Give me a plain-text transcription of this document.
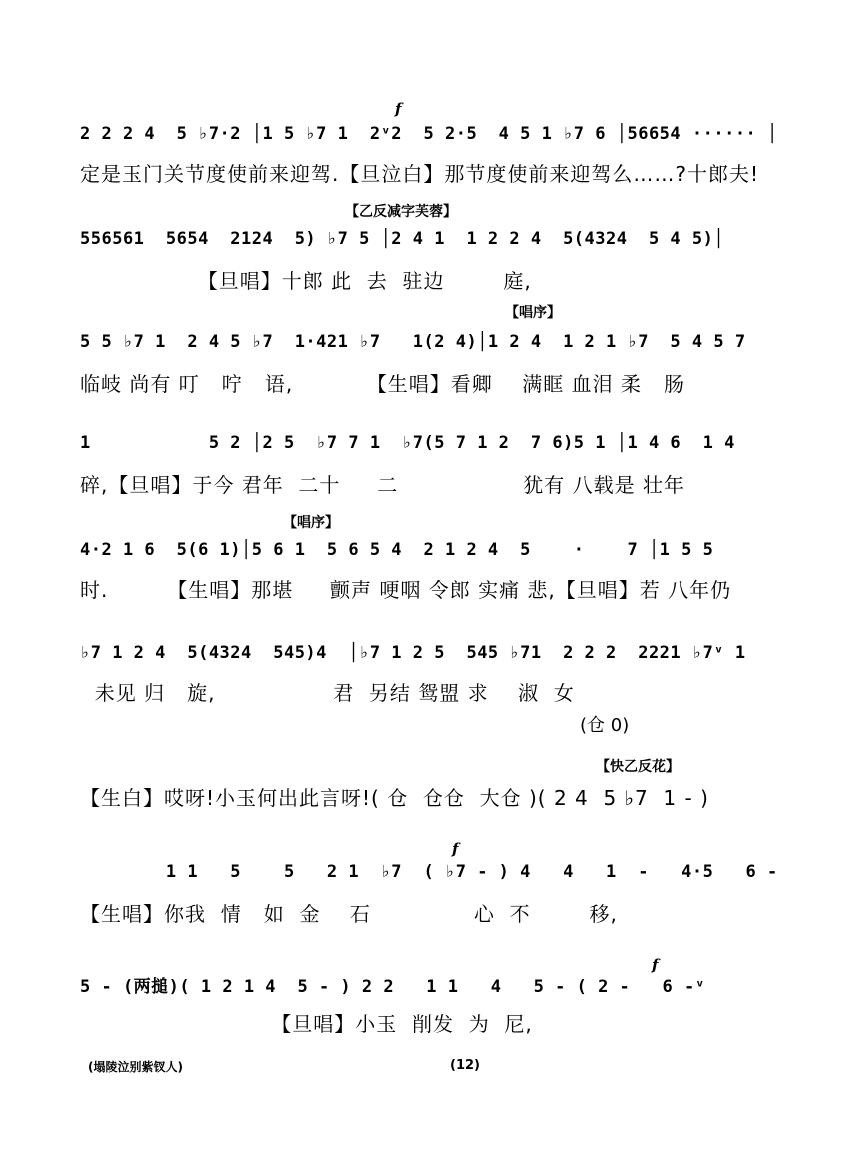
f
2 2 2 4  5 ♭7·2 │1 5 ♭7 1  2ᵛ2  5 2·5  4 5 1 ♭7 6 │56654 ······ │
定是玉门关节度使前来迎驾.【旦泣白】那节度使前来迎驾么……?十郎夫!
【乙反减字芙蓉】
556561  5654  2124  5) ♭7 5 │2 4 1  1 2 2 4  5(4324  5 4 5)│
【旦唱】十郎 此  去  驻边        庭,
【唱序】
5 5 ♭7 1  2 4 5 ♭7  1·421 ♭7   1(2 4)│1 2 4  1 2 1 ♭7  5 4 5 7
临岐 尚有 叮   咛   语,          【生唱】看卿    满眶 血泪 柔   肠
1           5 2 │2 5  ♭7 7 1  ♭7(5 7 1 2  7 6)5 1 │1 4 6  1 4
碎,【旦唱】于今 君年  二十     二                 犹有 八载是 壮年
【唱序】
4·2 1 6  5(6 1)│5 6 1  5 6 5 4  2 1 2 4  5    ·    7 │1 5 5
时.        【生唱】那堪     颤声 哽咽 令郎 实痛 悲,【旦唱】若 八年仍
♭7 1 2 4  5(4324  545)4  │♭7 1 2 5  545 ♭71  2 2 2  2221 ♭7ᵛ 1
未见 归   旋,                君  另结 鸳盟 求    淑  女
(仓 0)
【快乙反花】
【生白】哎呀!小玉何出此言呀!( 仓  仓仓  大仓 )( 2 4  5 ♭7  1 - )
f
1 1   5    5   2 1  ♭7  ( ♭7 - ) 4   4   1  -   4·5   6 -
【生唱】你我  情   如  金    石              心  不        移,
f
5 - (两搥)( 1 2 1 4  5 - ) 2 2   1 1   4   5 - ( 2 -   6 -ᵛ
【旦唱】小玉  削发  为  尼,
(塌陵泣别紫钗人)	(12)
